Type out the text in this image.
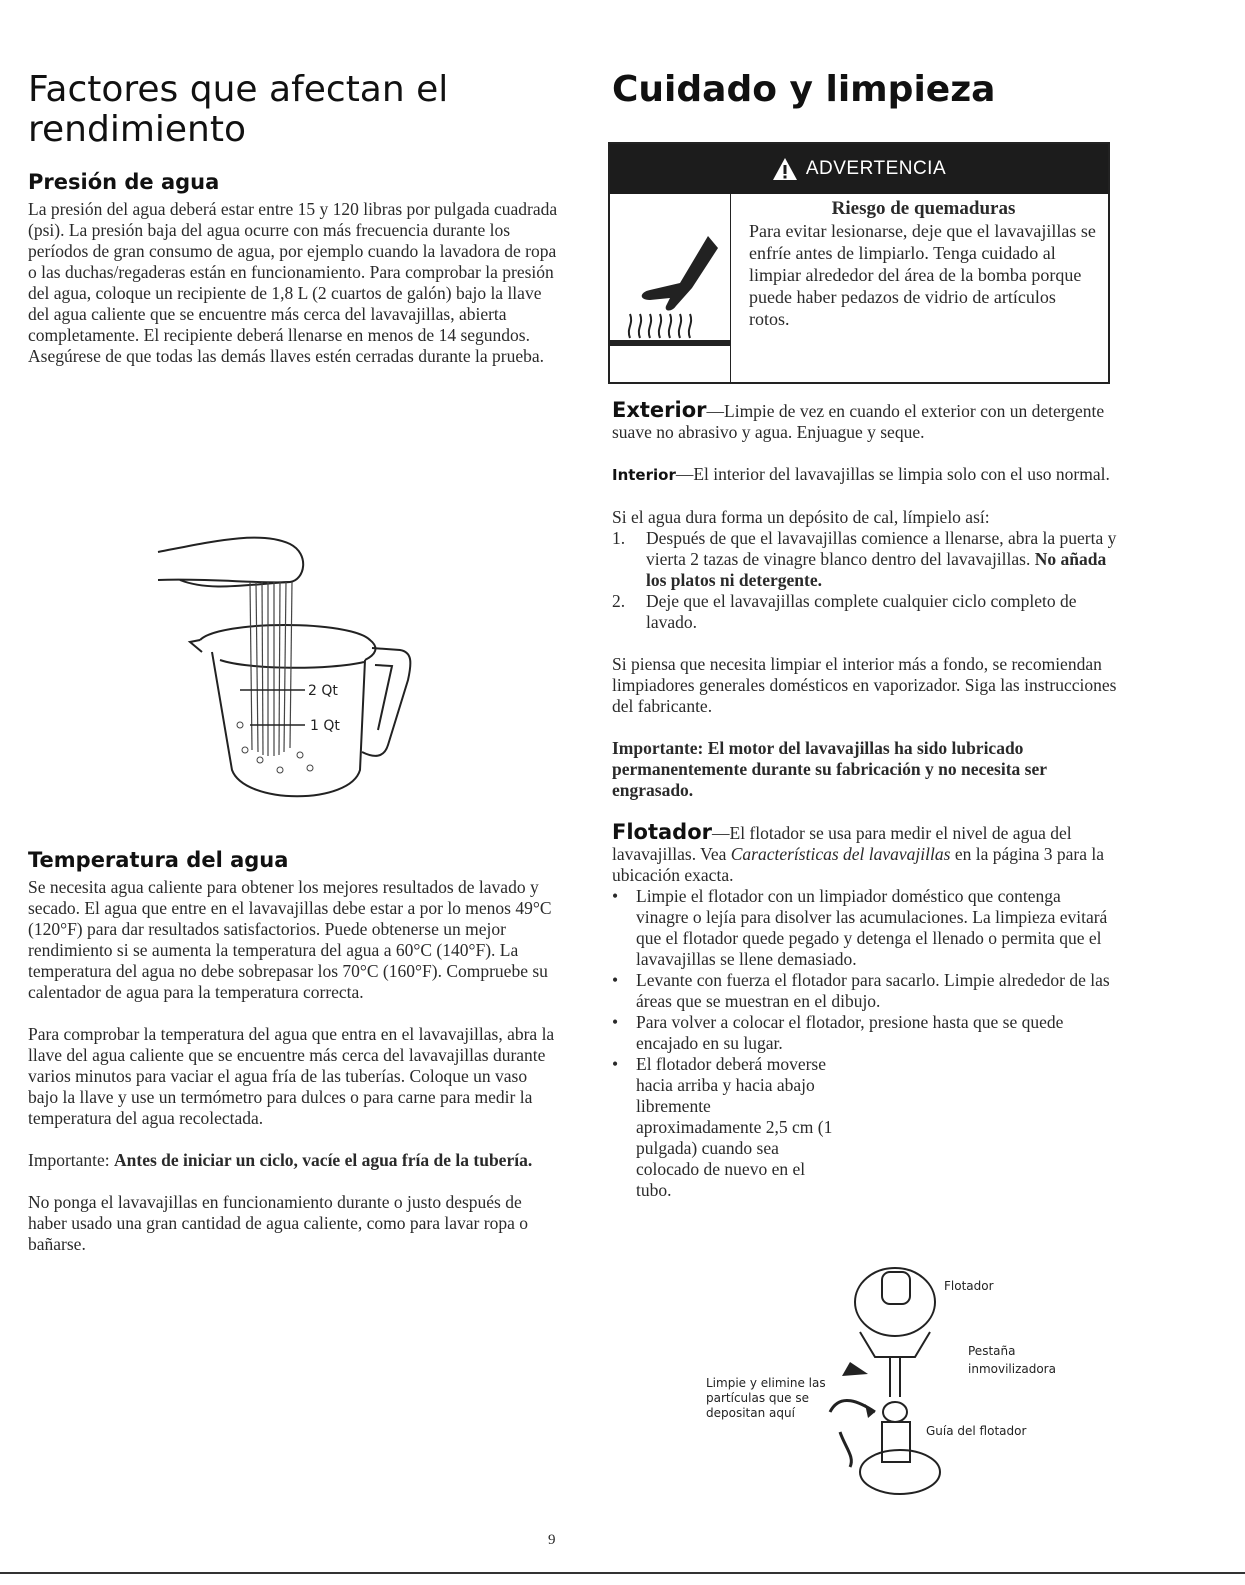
Factores que afectan el
rendimiento
Presión de agua

La presión del agua deberá estar entre 15 y 120 libras por pulgada cuadrada (psi). La presión baja del agua ocurre con más frecuencia durante los períodos de gran consumo de agua, por ejemplo cuando la lavadora de ropa o las duchas/regaderas están en funcionamiento. Para comprobar la presión del agua, coloque un recipiente de 1,8 L (2 cuartos de galón) bajo la llave del agua caliente que se encuentre más cerca del lavavajillas, abierta completamente. El recipiente deberá llenarse en menos de 14 segundos. Asegúrese de que todas las demás llaves estén cerradas durante la prueba.

2 Qt
1 Qt
Temperatura del agua

Se necesita agua caliente para obtener los mejores resultados de lavado y secado. El agua que entre en el lavavajillas debe estar a por lo menos 49°C (120°F) para dar resultados satisfactorios. Puede obtenerse un mejor rendimiento si se aumenta la temperatura del agua a 60°C (140°F). La temperatura del agua no debe sobrepasar los 70°C (160°F). Compruebe su calentador de agua para la temperatura correcta.

Para comprobar la temperatura del agua que entra en el lavavajillas, abra la llave del agua caliente que se encuentre más cerca del lavavajillas durante varios minutos para vaciar el agua fría de las tuberías. Coloque un vaso bajo la llave y use un termómetro para dulces o para carne para medir la temperatura del agua recolectada.

Importante: Antes de iniciar un ciclo, vacíe el agua fría de la tubería.

No ponga el lavavajillas en funcionamiento durante o justo después de haber usado una gran cantidad de agua caliente, como para lavar ropa o bañarse.

Cuidado y limpieza
ADVERTENCIA
Riesgo de quemaduras

Para evitar lesionarse, deje que el lavavajillas se enfríe antes de limpiarlo. Tenga cuidado al limpiar alrededor del área de la bomba porque puede haber pedazos de vidrio de artículos rotos.

Exterior—Limpie de vez en cuando el exterior con un detergente suave no abrasivo y agua. Enjuague y seque.

Interior—El interior del lavavajillas se limpia solo con el uso normal.

Si el agua dura forma un depósito de cal, límpielo así:

1.	Después de que el lavavajillas comience a llenarse, abra la puerta y vierta 2 tazas de vinagre blanco dentro del lavavajillas. No añada los platos ni detergente.
2.	Deje que el lavavajillas complete cualquier ciclo completo de lavado.

Si piensa que necesita limpiar el interior más a fondo, se recomiendan limpiadores generales domésticos en vaporizador. Siga las instrucciones del fabricante.

Importante: El motor del lavavajillas ha sido lubricado permanentemente durante su fabricación y no necesita ser engrasado.

Flotador—El flotador se usa para medir el nivel de agua del lavavajillas. Vea Características del lavavajillas en la página 3 para la ubicación exacta.

•	Limpie el flotador con un limpiador doméstico que contenga vinagre o lejía para disolver las acumulaciones. La limpieza evitará que el flotador quede pegado y detenga el llenado o permita que el lavavajillas se llene demasiado.
•	Levante con fuerza el flotador para sacarlo. Limpie alrededor de las áreas que se muestran en el dibujo.
•	Para volver a colocar el flotador, presione hasta que se quede encajado en su lugar.
•	El flotador deberá moverse hacia arriba y hacia abajo libremente aproximadamente 2,5 cm (1 pulgada) cuando sea colocado de nuevo en el tubo.
Flotador
Pestaña
inmovilizadora
Limpie y elimine las
partículas que se
depositan aquí
Guía del flotador
9
